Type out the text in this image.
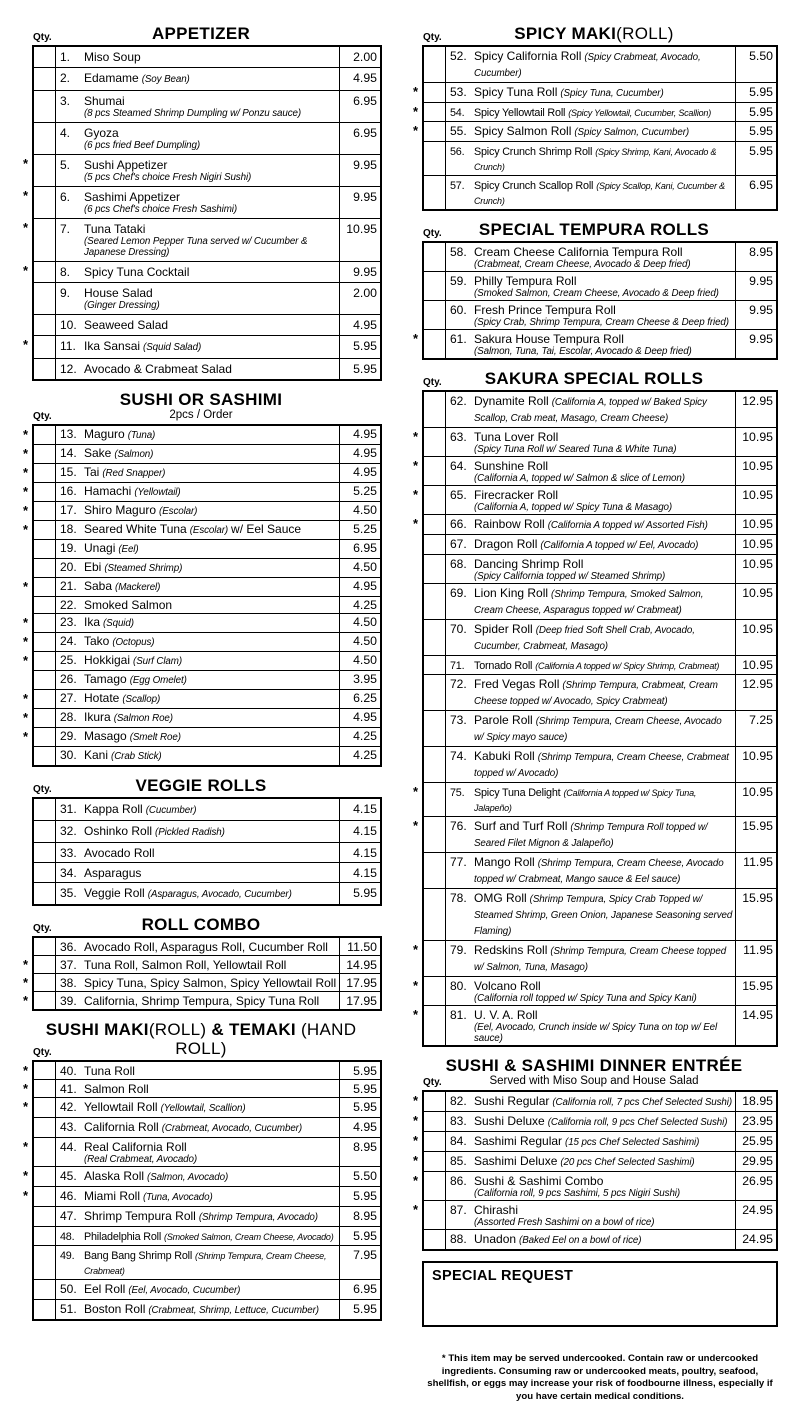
Qty.	APPETIZER
1. Miso Soup	2.00
2. Edamame (Soy Bean)	4.95
3. Shumai
(8 pcs Steamed Shrimp Dumpling w/ Ponzu sauce)
6.95
4. Gyoza
(6 pcs fried Beef Dumpling)
6.95
*	5. Sushi Appetizer
(5 pcs Chef's choice Fresh Nigiri Sushi)
9.95
*	6. Sashimi Appetizer
(6 pcs Chef's choice Fresh Sashimi)
9.95
*	7. Tuna Tataki
(Seared Lemon Pepper Tuna served w/ Cucumber & Japanese Dressing)
10.95
*	8. Spicy Tuna Cocktail	9.95
9. House Salad
(Ginger Dressing)
2.00
10. Seaweed Salad	4.95
*	11. Ika Sansai (Squid Salad)	5.95
12. Avocado & Crabmeat Salad	5.95
Qty.
SUSHI OR SASHIMI
2pcs / Order
*	13. Maguro (Tuna)	4.95
*	14. Sake (Salmon)	4.95
*	15. Tai (Red Snapper)	4.95
*	16. Hamachi (Yellowtail)	5.25
*	17. Shiro Maguro (Escolar)	4.50
*	18. Seared White Tuna (Escolar) w/ Eel Sauce	5.25
19. Unagi (Eel)	6.95
20. Ebi (Steamed Shrimp)	4.50
*	21. Saba (Mackerel)	4.95
22. Smoked Salmon	4.25
*	23. Ika (Squid)	4.50
*	24. Tako (Octopus)	4.50
*	25. Hokkigai (Surf Clam)	4.50
26. Tamago (Egg Omelet)	3.95
*	27. Hotate (Scallop)	6.25
*	28. Ikura (Salmon Roe)	4.95
*	29. Masago (Smelt Roe)	4.25
30. Kani (Crab Stick)	4.25
Qty.	VEGGIE ROLLS
31. Kappa Roll (Cucumber)	4.15
32. Oshinko Roll (Pickled Radish)	4.15
33. Avocado Roll	4.15
34. Asparagus	4.15
35. Veggie Roll (Asparagus, Avocado, Cucumber)	5.95
Qty.	ROLL COMBO
36. Avocado Roll, Asparagus Roll, Cucumber Roll	11.50
*	37. Tuna Roll, Salmon Roll, Yellowtail Roll	14.95
*	38. Spicy Tuna, Spicy Salmon, Spicy Yellowtail Roll 17.95
*	39. California, Shrimp Tempura, Spicy Tuna Roll	17.95
Qty.
SUSHI MAKI(ROLL) & TEMAKI (HAND ROLL)
*	40. Tuna Roll	5.95
*	41. Salmon Roll	5.95
*	42. Yellowtail Roll (Yellowtail, Scallion)	5.95
43. California Roll (Crabmeat, Avocado, Cucumber)	4.95
*	44. Real California Roll
(Real Crabmeat, Avocado)
8.95
*	45. Alaska Roll (Salmon, Avocado)	5.50
*	46. Miami Roll (Tuna, Avocado)	5.95
47. Shrimp Tempura Roll (Shrimp Tempura, Avocado)	8.95
48. Philadelphia Roll (Smoked Salmon, Cream Cheese, Avocado)	5.95
49. Bang Bang Shrimp Roll (Shrimp Tempura, Cream Cheese, Crabmeat)
7.95
50. Eel Roll (Eel, Avocado, Cucumber)	6.95
51. Boston Roll (Crabmeat, Shrimp, Lettuce, Cucumber)	5.95
Qty.	SPICY MAKI(ROLL)
52. Spicy California Roll (Spicy Crabmeat, Avocado, Cucumber)
5.50
*	53. Spicy Tuna Roll (Spicy Tuna, Cucumber)	5.95
*	54. Spicy Yellowtail Roll (Spicy Yellowtail, Cucumber, Scallion)	5.95
*	55. Spicy Salmon Roll (Spicy Salmon, Cucumber)	5.95
56. Spicy Crunch Shrimp Roll (Spicy Shrimp, Kani, Avocado & Crunch)
5.95
57. Spicy Crunch Scallop Roll (Spicy Scallop, Kani, Cucumber & Crunch)
6.95
Qty.	SPECIAL TEMPURA ROLLS
58. Cream Cheese California Tempura Roll
(Crabmeat, Cream Cheese, Avocado & Deep fried)
8.95
59. Philly Tempura Roll
(Smoked Salmon, Cream Cheese, Avocado & Deep fried)
9.95
60. Fresh Prince Tempura Roll
(Spicy Crab, Shrimp Tempura, Cream Cheese & Deep fried)
9.95
*	61. Sakura House Tempura Roll
(Salmon, Tuna, Tai, Escolar, Avocado & Deep fried)
9.95
Qty.	SAKURA SPECIAL ROLLS
62. Dynamite Roll (California A, topped w/ Baked Spicy Scallop, Crab meat, Masago, Cream Cheese)
12.95
*	63. Tuna Lover Roll
(Spicy Tuna Roll w/ Seared Tuna & White Tuna)
10.95
*	64. Sunshine Roll
(California A, topped w/ Salmon & slice of Lemon)
10.95
*	65. Firecracker Roll
(California A, topped w/ Spicy Tuna & Masago)
10.95
*	66. Rainbow Roll (California A topped w/ Assorted Fish)	10.95
67. Dragon Roll (California A topped w/ Eel, Avocado)	10.95
68. Dancing Shrimp Roll
(Spicy California topped w/ Steamed Shrimp)
10.95
69. Lion King Roll (Shrimp Tempura, Smoked Salmon, Cream Cheese, Asparagus topped w/ Crabmeat)
10.95
70. Spider Roll (Deep fried Soft Shell Crab, Avocado, Cucumber, Crabmeat, Masago)
10.95
71. Tornado Roll (California A topped w/ Spicy Shrimp, Crabmeat)	10.95
72. Fred Vegas Roll (Shrimp Tempura, Crabmeat, Cream Cheese topped w/ Avocado, Spicy Crabmeat)
12.95
73. Parole Roll (Shrimp Tempura, Cream Cheese, Avocado w/ Spicy mayo sauce)
7.25
74. Kabuki Roll (Shrimp Tempura, Cream Cheese, Crabmeat topped w/ Avocado)
10.95
*	75. Spicy Tuna Delight (California A topped w/ Spicy Tuna, Jalapeño)
10.95
*	76. Surf and Turf Roll (Shrimp Tempura Roll topped w/ Seared Filet Mignon & Jalapeño)
15.95
77. Mango Roll (Shrimp Tempura, Cream Cheese, Avocado topped w/ Crabmeat, Mango sauce & Eel sauce)
11.95
78. OMG Roll (Shrimp Tempura, Spicy Crab Topped w/ Steamed Shrimp, Green Onion, Japanese Seasoning served Flaming)
15.95
*	79. Redskins Roll (Shrimp Tempura, Cream Cheese topped w/ Salmon, Tuna, Masago)
11.95
*	80. Volcano Roll
(California roll topped w/ Spicy Tuna and Spicy Kani)
15.95
*	81. U. V. A. Roll
(Eel, Avocado, Crunch inside w/ Spicy Tuna on top w/ Eel sauce)
14.95
Qty.
SUSHI & SASHIMI DINNER ENTRÉE
Served with Miso Soup and House Salad
*	82. Sushi Regular (California roll, 7 pcs Chef Selected Sushi) 18.95
*	83. Sushi Deluxe (California roll, 9 pcs Chef Selected Sushi)	23.95
*	84. Sashimi Regular (15 pcs Chef Selected Sashimi)	25.95
*	85. Sashimi Deluxe (20 pcs Chef Selected Sashimi)	29.95
*	86. Sushi & Sashimi Combo
(California roll, 9 pcs Sashimi, 5 pcs Nigiri Sushi)
26.95
*	87. Chirashi
(Assorted Fresh Sashimi on a bowl of rice)
24.95
88. Unadon (Baked Eel on a bowl of rice)	24.95
SPECIAL REQUEST
* This item may be served undercooked. Contain raw or undercooked ingredients. Consuming raw or undercooked meats, poultry, seafood, shellfish, or eggs may increase your risk of foodbourne illness, especially if you have certain medical conditions.
